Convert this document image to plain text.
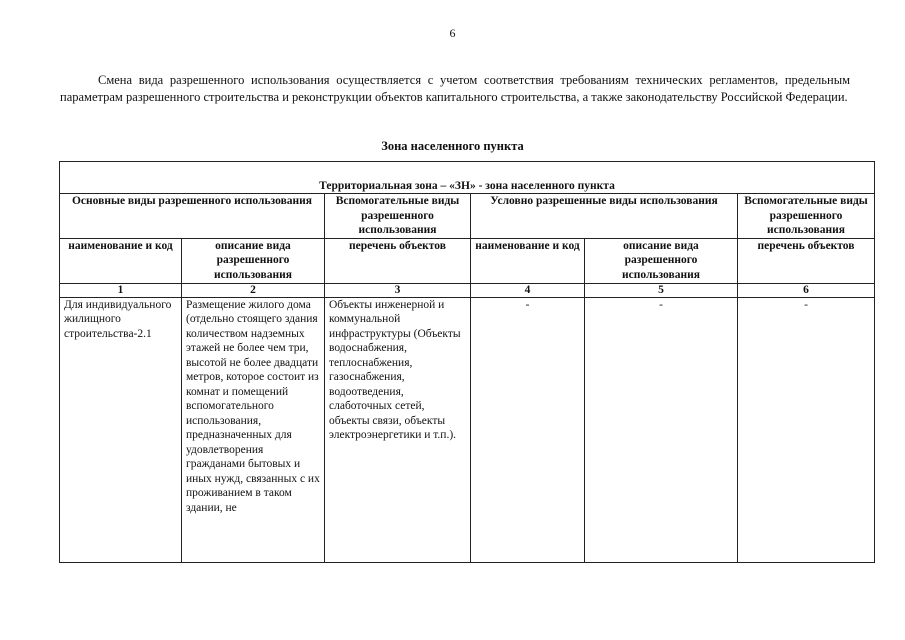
6

Смена вида разрешенного использования осуществляется с учетом соответствия требованиям технических регламентов, предельным параметрам разрешенного строительства и реконструкции объектов капитального строительства, а также законодательству Российской Федерации.

Зона населенного пункта

Территориальная зона – «ЗН» - зона населенного пункта					
Основные виды разрешенного использования		Вспомогательные виды разрешенного использования	Условно разрешенные виды использования		Вспомогательные виды разрешенного использования
наименование и код	описание вида разрешенного использования	перечень объектов	наименование и код	описание вида разрешенного использования	перечень объектов
1	2	3	4	5	6
Для индивидуального жилищного строительства-2.1	Размещение жилого дома (отдельно стоящего здания количеством надземных этажей не более чем три, высотой не более двадцати метров, которое состоит из комнат и помещений вспомогательного использования, предназначенных для удовлетворения гражданами бытовых и иных нужд, связанных с их проживанием в таком здании, не	Объекты инженерной и коммунальной инфраструктуры (Объекты водоснабжения, теплоснабжения, газоснабжения, водоотведения, слаботочных сетей, объекты связи, объекты электроэнергетики и т.п.).	-	-	-
